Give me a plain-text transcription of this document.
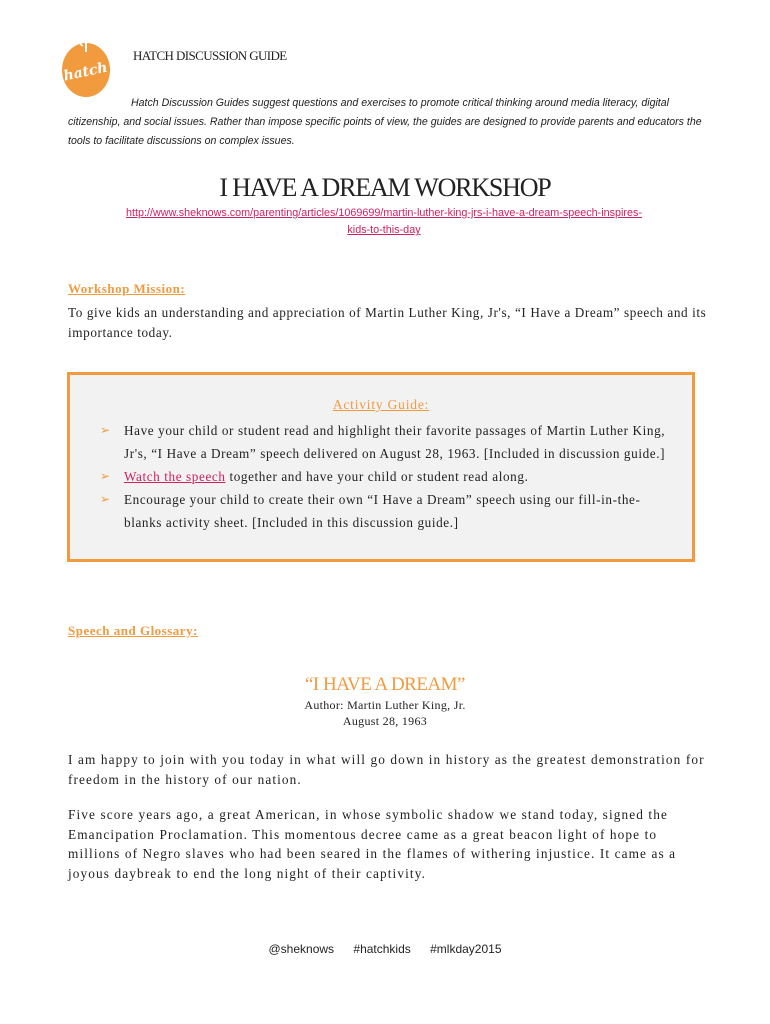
hatch
HATCH DISCUSSION GUIDE
Hatch Discussion Guides suggest questions and exercises to promote critical thinking around media literacy, digital citizenship, and social issues. Rather than impose specific points of view, the guides are designed to provide parents and educators the tools to facilitate discussions on complex issues.
I HAVE A DREAM WORKSHOP
http://www.sheknows.com/parenting/articles/1069699/martin-luther-king-jrs-i-have-a-dream-speech-inspires-
kids-to-this-day
Workshop Mission:
To give kids an understanding and appreciation of Martin Luther King, Jr's, “I Have a Dream” speech and its importance today.
Activity Guide:
➢ Have your child or student read and highlight their favorite passages of Martin Luther King, Jr's, “I Have a Dream” speech delivered on August 28, 1963. [Included in discussion guide.]
➢ Watch the speech together and have your child or student read along.
➢ Encourage your child to create their own “I Have a Dream” speech using our fill-in-the-blanks activity sheet. [Included in this discussion guide.]
Speech and Glossary:
“I HAVE A DREAM”
Author: Martin Luther King, Jr.
August 28, 1963
I am happy to join with you today in what will go down in history as the greatest demonstration for freedom in the history of our nation.
Five score years ago, a great American, in whose symbolic shadow we stand today, signed the Emancipation Proclamation. This momentous decree came as a great beacon light of hope to millions of Negro slaves who had been seared in the flames of withering injustice. It came as a joyous daybreak to end the long night of their captivity.
@sheknows #hatchkids #mlkday2015
